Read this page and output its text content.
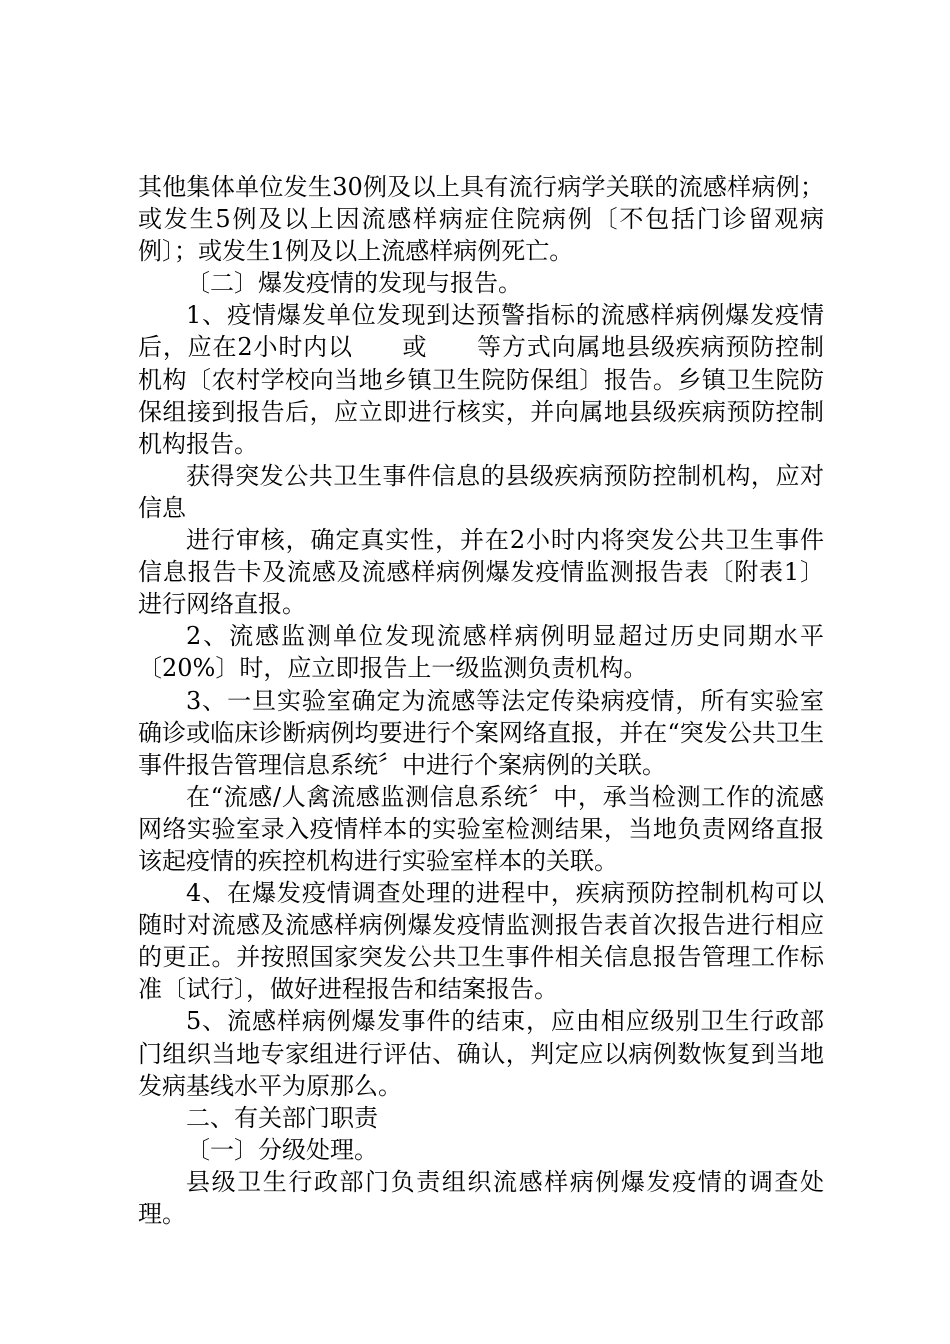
其他集体单位发生30例及以上具有流行病学关联的流感样病例；或发生5例及以上因流感样病症住院病例〔不包括门诊留观病例〕；或发生1例及以上流感样病例死亡。

〔二〕爆发疫情的发现与报告。

1、疫情爆发单位发现到达预警指标的流感样病例爆发疫情后，应在2小时内以　　或　　等方式向属地县级疾病预防控制机构〔农村学校向当地乡镇卫生院防保组〕报告。乡镇卫生院防保组接到报告后，应立即进行核实，并向属地县级疾病预防控制机构报告。

获得突发公共卫生事件信息的县级疾病预防控制机构，应对信息

进行审核，确定真实性，并在2小时内将突发公共卫生事件信息报告卡及流感及流感样病例爆发疫情监测报告表〔附表1〕进行网络直报。

2、流感监测单位发现流感样病例明显超过历史同期水平〔20%〕时，应立即报告上一级监测负责机构。

3、一旦实验室确定为流感等法定传染病疫情，所有实验室确诊或临床诊断病例均要进行个案网络直报，并在“突发公共卫生事件报告管理信息系统〞中进行个案病例的关联。

在“流感/人禽流感监测信息系统〞中，承当检测工作的流感网络实验室录入疫情样本的实验室检测结果，当地负责网络直报该起疫情的疾控机构进行实验室样本的关联。

4、在爆发疫情调查处理的进程中，疾病预防控制机构可以随时对流感及流感样病例爆发疫情监测报告表首次报告进行相应的更正。并按照国家突发公共卫生事件相关信息报告管理工作标准〔试行〕，做好进程报告和结案报告。

5、流感样病例爆发事件的结束，应由相应级别卫生行政部门组织当地专家组进行评估、确认，判定应以病例数恢复到当地发病基线水平为原那么。

二、有关部门职责

〔一〕分级处理。

县级卫生行政部门负责组织流感样病例爆发疫情的调查处理。
